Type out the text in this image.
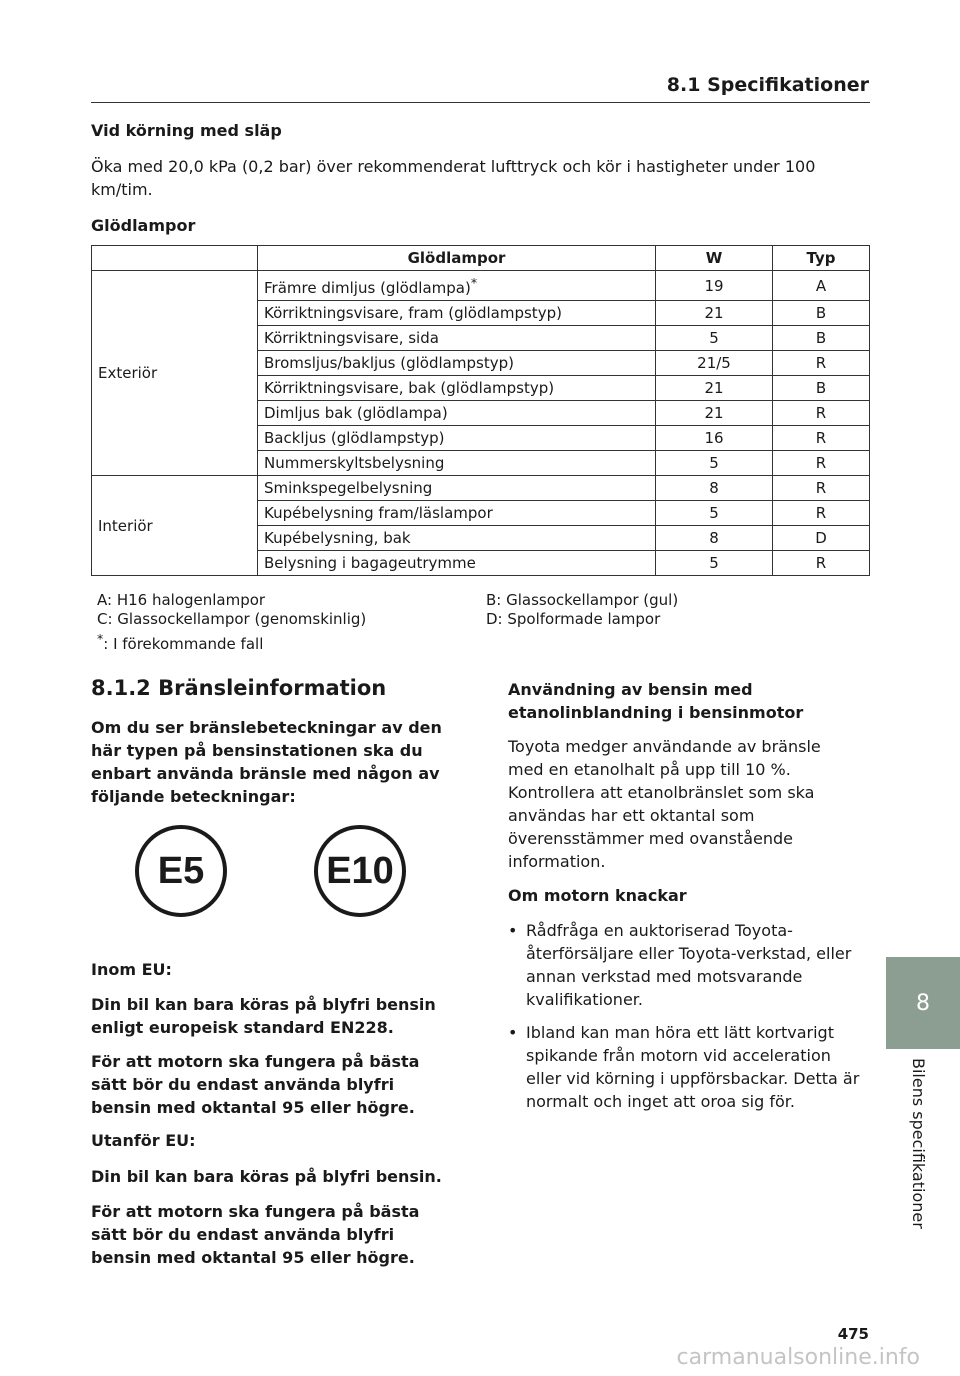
8.1 Specifikationer
Vid körning med släp
Öka med 20,0 kPa (0,2 bar) över rekommenderat lufttryck och kör i hastigheter under 100 km/tim.
Glödlampor
	Glödlampor	W	Typ
Exteriör	Främre dimljus (glödlampa)*	19	A
	Körriktningsvisare, fram (glödlampstyp)	21	B
	Körriktningsvisare, sida	5	B
	Bromsljus/bakljus (glödlampstyp)	21/5	R
	Körriktningsvisare, bak (glödlampstyp)	21	B
	Dimljus bak (glödlampa)	21	R
	Backljus (glödlampstyp)	16	R
	Nummerskyltsbelysning	5	R
Interiör	Sminkspegelbelysning	8	R
	Kupébelysning fram/läslampor	5	R
	Kupébelysning, bak	8	D
	Belysning i bagageutrymme	5	R
A: H16 halogenlampor	B: Glassockellampor (gul)
C: Glassockellampor (genomskinlig)	D: Spolformade lampor
*: I förekommande fall
8.1.2 Bränsleinformation
Om du ser bränslebeteckningar av den här typen på bensinstationen ska du enbart använda bränsle med någon av följande beteckningar:
E5	E10
Inom EU:
Din bil kan bara köras på blyfri bensin enligt europeisk standard EN228.
För att motorn ska fungera på bästa sätt bör du endast använda blyfri bensin med oktantal 95 eller högre.
Utanför EU:
Din bil kan bara köras på blyfri bensin.
För att motorn ska fungera på bästa sätt bör du endast använda blyfri bensin med oktantal 95 eller högre.
Användning av bensin med etanolinblandning i bensinmotor
Toyota medger användande av bränsle med en etanolhalt på upp till 10 %. Kontrollera att etanolbränslet som ska användas har ett oktantal som överensstämmer med ovanstående information.
Om motorn knackar
• Rådfråga en auktoriserad Toyota-återförsäljare eller Toyota-verkstad, eller annan verkstad med motsvarande kvalifikationer.
• Ibland kan man höra ett lätt kortvarigt spikande från motorn vid acceleration eller vid körning i uppförsbackar. Detta är normalt och inget att oroa sig för.
8
Bilens specifikationer
475
carmanualsonline.info
